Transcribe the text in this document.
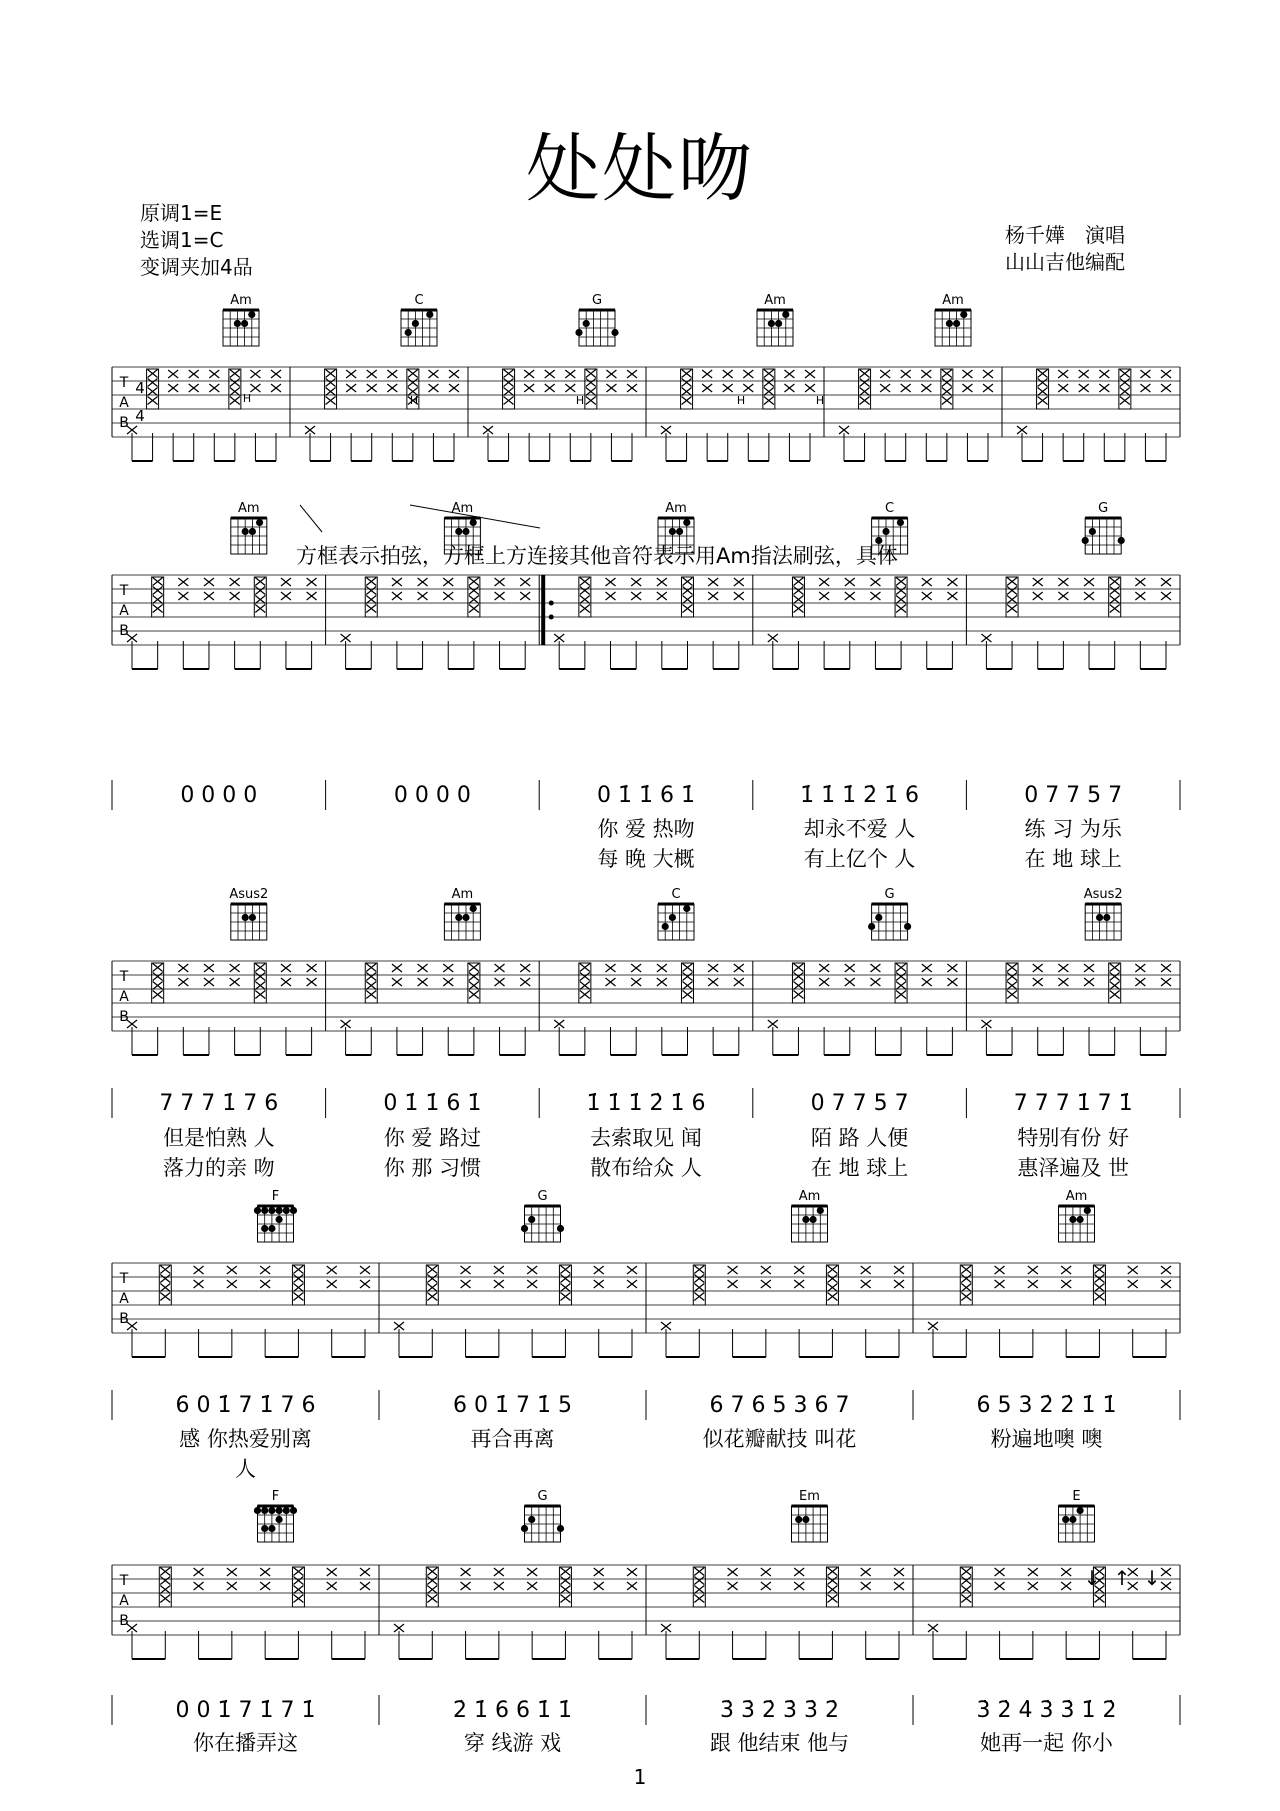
处处吻
原调1=E
选调1=C
变调夹加4品
杨千嬅　演唱
山山吉他编配
方框表示拍弦，方框上方连接其他音符表示用Am指法刷弦，具体
1
T
A
B
4
4
Am	C	G	Am	Am
T
A
B
0 0 0 0	0 0 0 0	0 1̇ 1̇ 6 1̇	1̇ 1̇ 1̇ 2̇ 1̇ 6	0 7 7 5 7
你 爱 热吻	却永不爱 人	练 习 为乐
每 晚 大概	有上亿个 人	在 地 球上
Am	Am	Am	C	G
T
A
B
7 7 7 1̇ 7 6	0 1̇ 1̇ 6 1̇	1̇ 1̇ 1̇ 2̇ 1̇ 6	0 7 7 5 7	7 7 7 1̇ 7 1̇
但是怕熟 人	你 爱 路过	去索取见 闻	陌 路 人便	特别有份 好
落力的亲 吻	你 那 习惯	散布给众 人	在 地 球上	惠泽遍及 世
Asus2	Am	C	G	Asus2
T
A
B
6 0 1̇ 7 1̇ 7 6	6 0 1̇ 7 1̇ 5	6 7 6 5 3 6 7	6 5 3 2̇ 2̇ 1̇ 1̇
感 你热爱别离	再合再离	似花瓣献技 叫花	粉遍地噢 噢
人
F	G	Am	Am
T
A
B
0 0 1̇ 7 1̇ 7 1̇	2̇ 1̇ 6 6 1̇ 1̇	3̇ 3̇ 2̇ 3̇ 3̇ 2̇	3̇ 2̇ 4̇ 3̇ 3̇ 1̇ 2̇
你在播弄这	穿 线游 戏	跟 他结束 他与	她再一起 你小
F	G	Em	E
H	H	H	H	H
↓ ↑ ↓
